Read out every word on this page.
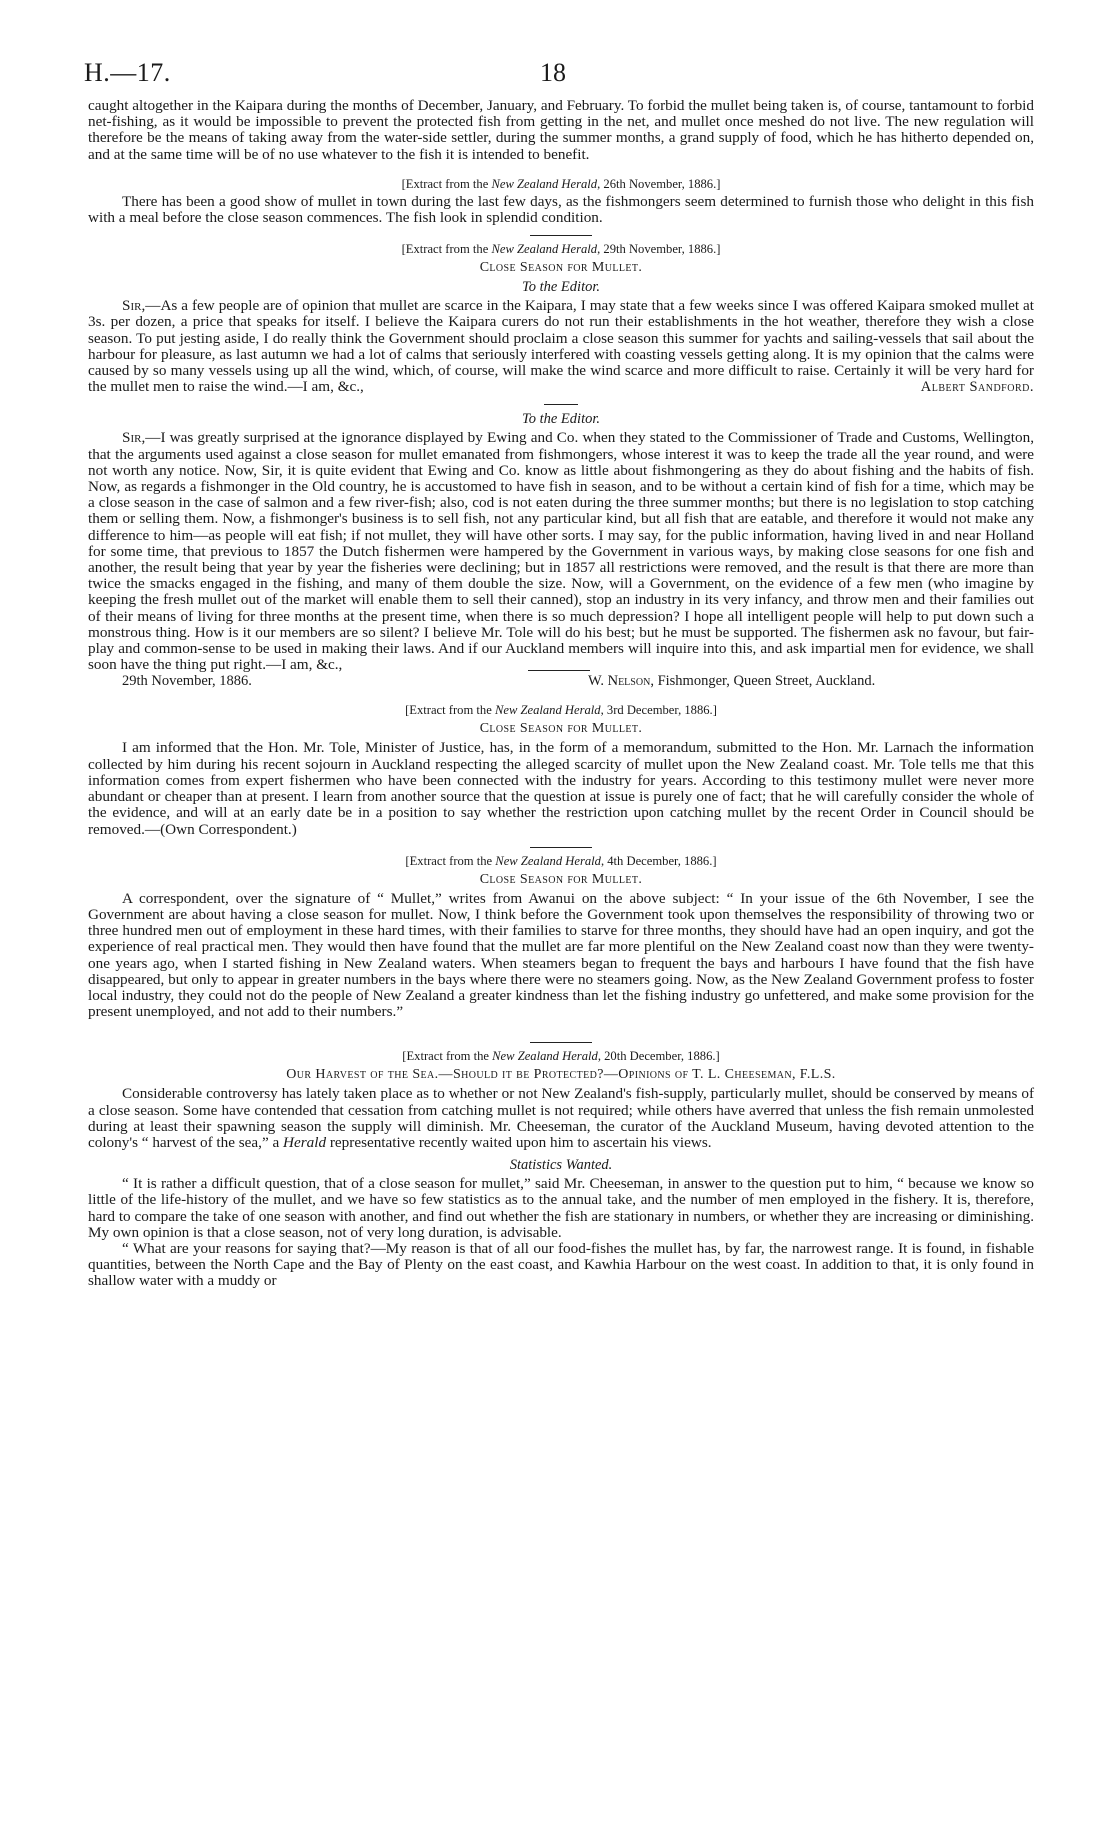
H.—17.	18

caught altogether in the Kaipara during the months of December, January, and February. To forbid the mullet being taken is, of course, tantamount to forbid net-fishing, as it would be impossible to prevent the protected fish from getting in the net, and mullet once meshed do not live. The new regulation will therefore be the means of taking away from the water-side settler, during the summer months, a grand supply of food, which he has hitherto depended on, and at the same time will be of no use whatever to the fish it is intended to benefit.

[Extract from the New Zealand Herald, 26th November, 1886.]

There has been a good show of mullet in town during the last few days, as the fishmongers seem determined to furnish those who delight in this fish with a meal before the close season commences. The fish look in splendid condition.

[Extract from the New Zealand Herald, 29th November, 1886.]
Close Season for Mullet.
To the Editor.

Sir,—As a few people are of opinion that mullet are scarce in the Kaipara, I may state that a few weeks since I was offered Kaipara smoked mullet at 3s. per dozen, a price that speaks for itself. I believe the Kaipara curers do not run their establishments in the hot weather, therefore they wish a close season. To put jesting aside, I do really think the Government should proclaim a close season this summer for yachts and sailing-vessels that sail about the harbour for pleasure, as last autumn we had a lot of calms that seriously interfered with coasting vessels getting along. It is my opinion that the calms were caused by so many vessels using up all the wind, which, of course, will make the wind scarce and more difficult to raise. Certainly it will be very hard for the mullet men to raise the wind.—I am, &c.,	Albert Sandford.
To the Editor.

Sir,—I was greatly surprised at the ignorance displayed by Ewing and Co. when they stated to the Commissioner of Trade and Customs, Wellington, that the arguments used against a close season for mullet emanated from fishmongers, whose interest it was to keep the trade all the year round, and were not worth any notice. Now, Sir, it is quite evident that Ewing and Co. know as little about fishmongering as they do about fishing and the habits of fish. Now, as regards a fishmonger in the Old country, he is accustomed to have fish in season, and to be without a certain kind of fish for a time, which may be a close season in the case of salmon and a few river-fish; also, cod is not eaten during the three summer months; but there is no legislation to stop catching them or selling them. Now, a fishmonger's business is to sell fish, not any particular kind, but all fish that are eatable, and therefore it would not make any difference to him—as people will eat fish; if not mullet, they will have other sorts. I may say, for the public information, having lived in and near Holland for some time, that previous to 1857 the Dutch fishermen were hampered by the Government in various ways, by making close seasons for one fish and another, the result being that year by year the fisheries were declining; but in 1857 all restrictions were removed, and the result is that there are more than twice the smacks engaged in the fishing, and many of them double the size. Now, will a Government, on the evidence of a few men (who imagine by keeping the fresh mullet out of the market will enable them to sell their canned), stop an industry in its very infancy, and throw men and their families out of their means of living for three months at the present time, when there is so much depression? I hope all intelligent people will help to put down such a monstrous thing. How is it our members are so silent? I believe Mr. Tole will do his best; but he must be supported. The fishermen ask no favour, but fair-play and common-sense to be used in making their laws. And if our Auckland members will inquire into this, and ask impartial men for evidence, we shall soon have the thing put right.—I am, &c.,

29th November, 1886.	W. Nelson, Fishmonger, Queen Street, Auckland.
[Extract from the New Zealand Herald, 3rd December, 1886.]
Close Season for Mullet.

I am informed that the Hon. Mr. Tole, Minister of Justice, has, in the form of a memorandum, submitted to the Hon. Mr. Larnach the information collected by him during his recent sojourn in Auckland respecting the alleged scarcity of mullet upon the New Zealand coast. Mr. Tole tells me that this information comes from expert fishermen who have been connected with the industry for years. According to this testimony mullet were never more abundant or cheaper than at present. I learn from another source that the question at issue is purely one of fact; that he will carefully consider the whole of the evidence, and will at an early date be in a position to say whether the restriction upon catching mullet by the recent Order in Council should be removed.—(Own Correspondent.)

[Extract from the New Zealand Herald, 4th December, 1886.]
Close Season for Mullet.

A correspondent, over the signature of “ Mullet,” writes from Awanui on the above subject: “ In your issue of the 6th November, I see the Government are about having a close season for mullet. Now, I think before the Government took upon themselves the responsibility of throwing two or three hundred men out of employment in these hard times, with their families to starve for three months, they should have had an open inquiry, and got the experience of real practical men. They would then have found that the mullet are far more plentiful on the New Zealand coast now than they were twenty-one years ago, when I started fishing in New Zealand waters. When steamers began to frequent the bays and harbours I have found that the fish have disappeared, but only to appear in greater numbers in the bays where there were no steamers going. Now, as the New Zealand Government profess to foster local industry, they could not do the people of New Zealand a greater kindness than let the fishing industry go unfettered, and make some provision for the present unemployed, and not add to their numbers.”

[Extract from the New Zealand Herald, 20th December, 1886.]
Our Harvest of the Sea.—Should it be Protected?—Opinions of T. L. Cheeseman, F.L.S.

Considerable controversy has lately taken place as to whether or not New Zealand's fish-supply, particularly mullet, should be conserved by means of a close season. Some have contended that cessation from catching mullet is not required; while others have averred that unless the fish remain unmolested during at least their spawning season the supply will diminish. Mr. Cheeseman, the curator of the Auckland Museum, having devoted attention to the colony's “ harvest of the sea,” a Herald representative recently waited upon him to ascertain his views.

Statistics Wanted.

“ It is rather a difficult question, that of a close season for mullet,” said Mr. Cheeseman, in answer to the question put to him, “ because we know so little of the life-history of the mullet, and we have so few statistics as to the annual take, and the number of men employed in the fishery. It is, therefore, hard to compare the take of one season with another, and find out whether the fish are stationary in numbers, or whether they are increasing or diminishing. My own opinion is that a close season, not of very long duration, is advisable.

“ What are your reasons for saying that?—My reason is that of all our food-fishes the mullet has, by far, the narrowest range. It is found, in fishable quantities, between the North Cape and the Bay of Plenty on the east coast, and Kawhia Harbour on the west coast. In addition to that, it is only found in shallow water with a muddy or
